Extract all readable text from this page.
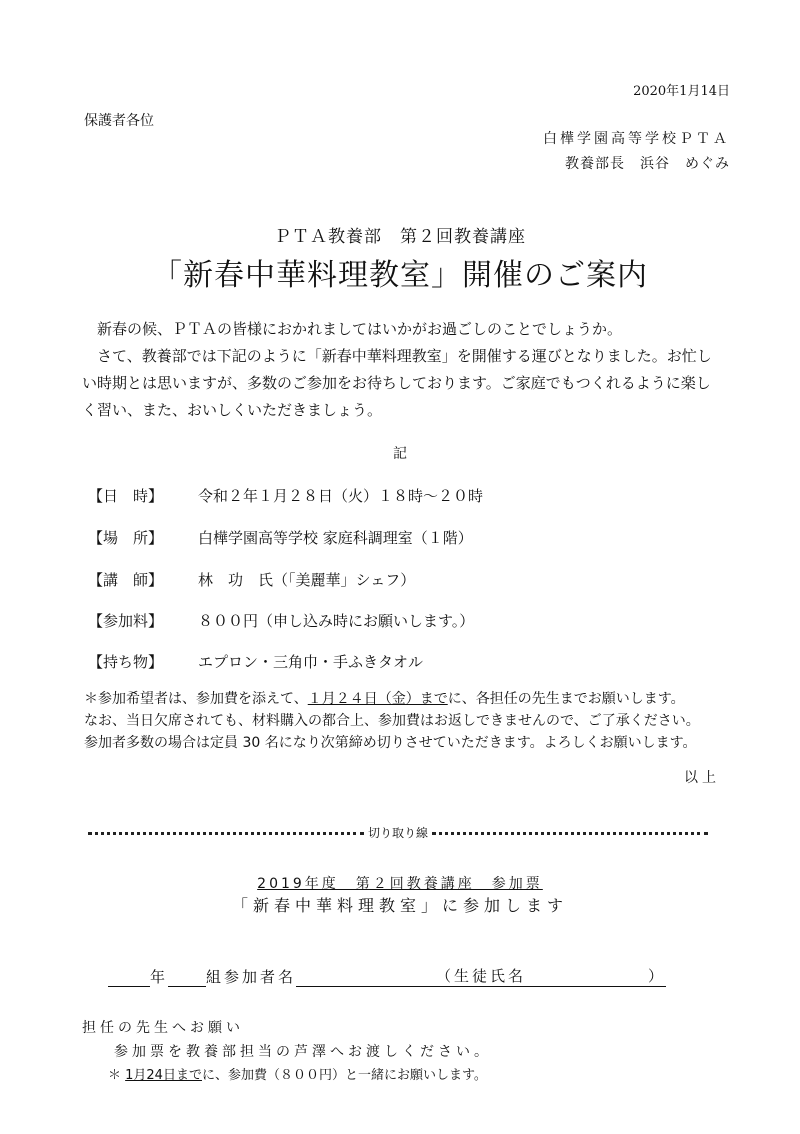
2020年1月14日
保護者各位
白樺学園高等学校ＰＴＡ
教養部長　浜谷　めぐみ
ＰＴＡ教養部　第２回教養講座
「新春中華料理教室」開催のご案内

新春の候、ＰＴＡの皆様におかれましてはいかがお過ごしのことでしょうか。

さて、教養部では下記のように「新春中華料理教室」を開催する運びとなりました。お忙しい時期とは思いますが、多数のご参加をお待ちしております。ご家庭でもつくれるように楽しく習い、また、おいしくいただきましょう。

記
【日　時】 令和２年１月２８日（火）１８時～２０時
【場　所】 白樺学園高等学校 家庭科調理室（１階）
【講　師】 林　功　氏（「美麗華」シェフ）
【参加料】 ８００円（申し込み時にお願いします。）
【持ち物】 エプロン・三角巾・手ふきタオル
＊参加希望者は、参加費を添えて、１月２４日（金）までに、各担任の先生までお願いします。
なお、当日欠席されても、材料購入の都合上、参加費はお返しできませんので、ご了承ください。
参加者多数の場合は定員 30 名になり次第締め切りさせていただきます。よろしくお願いします。
以上
切り取り線
2019年度　第２回教養講座　参加票
「新春中華料理教室」に参加します
年	組 参加者名	（生徒氏名	）
担任の先生へお願い
参加票を教養部担当の芦澤へお渡しください。
＊ 1月24日までに、参加費（８００円）と一緒にお願いします。
